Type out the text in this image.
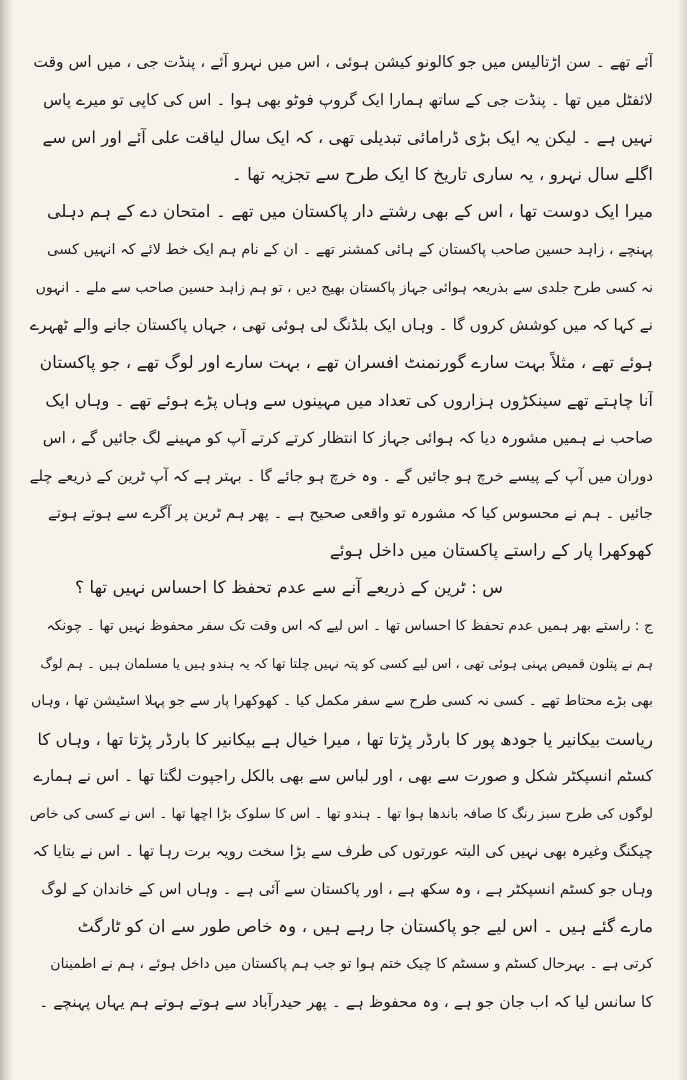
آئے تھے ۔ سن اڑتالیس میں جو کالونو کیشن ہوئی ، اس میں نہرو آئے ، پنڈت جی ، میں اس وقت
لائفٹل میں تھا ۔ پنڈت جی کے ساتھ ہمارا ایک گروپ فوٹو بھی ہوا ۔ اس کی کاپی تو میرے پاس
نہیں ہے ۔ لیکن یہ ایک بڑی ڈرامائی تبدیلی تھی ، کہ ایک سال لیاقت علی آئے اور اس سے
اگلے سال نہرو ، یہ ساری تاریخ کا ایک طرح سے تجزیہ تھا ۔
میرا ایک دوست تھا ، اس کے بھی رشتے دار پاکستان میں تھے ۔ امتحان دے کے ہم دہلی
پہنچے ، زاہد حسین صاحب پاکستان کے ہائی کمشنر تھے ۔ ان کے نام ہم ایک خط لائے کہ انہیں کسی
نہ کسی طرح جلدی سے بذریعہ ہوائی جہاز پاکستان بھیج دیں ، تو ہم زاہد حسین صاحب سے ملے ۔ انہوں
نے کہا کہ میں کوشش کروں گا ۔ وہاں ایک بلڈنگ لی ہوئی تھی ، جہاں پاکستان جانے والے ٹھہرے
ہوئے تھے ، مثلاً بہت سارے گورنمنٹ افسران تھے ، بہت سارے اور لوگ تھے ، جو پاکستان
آنا چاہتے تھے سینکڑوں ہزاروں کی تعداد میں مہینوں سے وہاں پڑے ہوئے تھے ۔ وہاں ایک
صاحب نے ہمیں مشورہ دیا کہ ہوائی جہاز کا انتظار کرتے کرتے آپ کو مہینے لگ جائیں گے ، اس
دوران میں آپ کے پیسے خرچ ہو جائیں گے ۔ وہ خرچ ہو جائے گا ۔ بہتر ہے کہ آپ ٹرین کے ذریعے چلے
جائیں ۔ ہم نے محسوس کیا کہ مشورہ تو واقعی صحیح ہے ۔ پھر ہم ٹرین پر آگرے سے ہوتے ہوتے
کھوکھرا پار کے راستے پاکستان میں داخل ہوئے
س : ٹرین کے ذریعے آنے سے عدم تحفظ کا احساس نہیں تھا ؟
ج : راستے بھر ہمیں عدم تحفظ کا احساس تھا ۔ اس لیے کہ اس وقت تک سفر محفوظ نہیں تھا ۔ چونکہ
ہم نے پتلون قمیص پہنی ہوئی تھی ، اس لیے کسی کو پتہ نہیں چلتا تھا کہ یہ ہندو ہیں یا مسلمان ہیں ۔ ہم لوگ
بھی بڑے محتاط تھے ۔ کسی نہ کسی طرح سے سفر مکمل کیا ۔ کھوکھرا پار سے جو پہلا اسٹیشن تھا ، وہاں
ریاست بیکانیر یا جودھ پور کا بارڈر پڑتا تھا ، میرا خیال ہے بیکانیر کا بارڈر پڑتا تھا ، وہاں کا
کسٹم انسپکٹر شکل و صورت سے بھی ، اور لباس سے بھی بالکل راجپوت لگتا تھا ۔ اس نے ہمارے
لوگوں کی طرح سبز رنگ کا صافہ باندھا ہوا تھا ۔ ہندو تھا ۔ اس کا سلوک بڑا اچھا تھا ۔ اس نے کسی کی خاص
چیکنگ وغیرہ بھی نہیں کی البتہ عورتوں کی طرف سے بڑا سخت رویہ برت رہا تھا ۔ اس نے بتایا کہ
وہاں جو کسٹم انسپکٹر ہے ، وہ سکھ ہے ، اور پاکستان سے آئی ہے ۔ وہاں اس کے خاندان کے لوگ
مارے گئے ہیں ۔ اس لیے جو پاکستان جا رہے ہیں ، وہ خاص طور سے ان کو ٹارگٹ
کرتی ہے ۔ بہرحال کسٹم و سسٹم کا چیک ختم ہوا تو جب ہم پاکستان میں داخل ہوئے ، ہم نے اطمینان
کا سانس لیا کہ اب جان جو ہے ، وہ محفوظ ہے ۔ پھر حیدرآباد سے ہوتے ہوتے ہم یہاں پہنچے ۔
